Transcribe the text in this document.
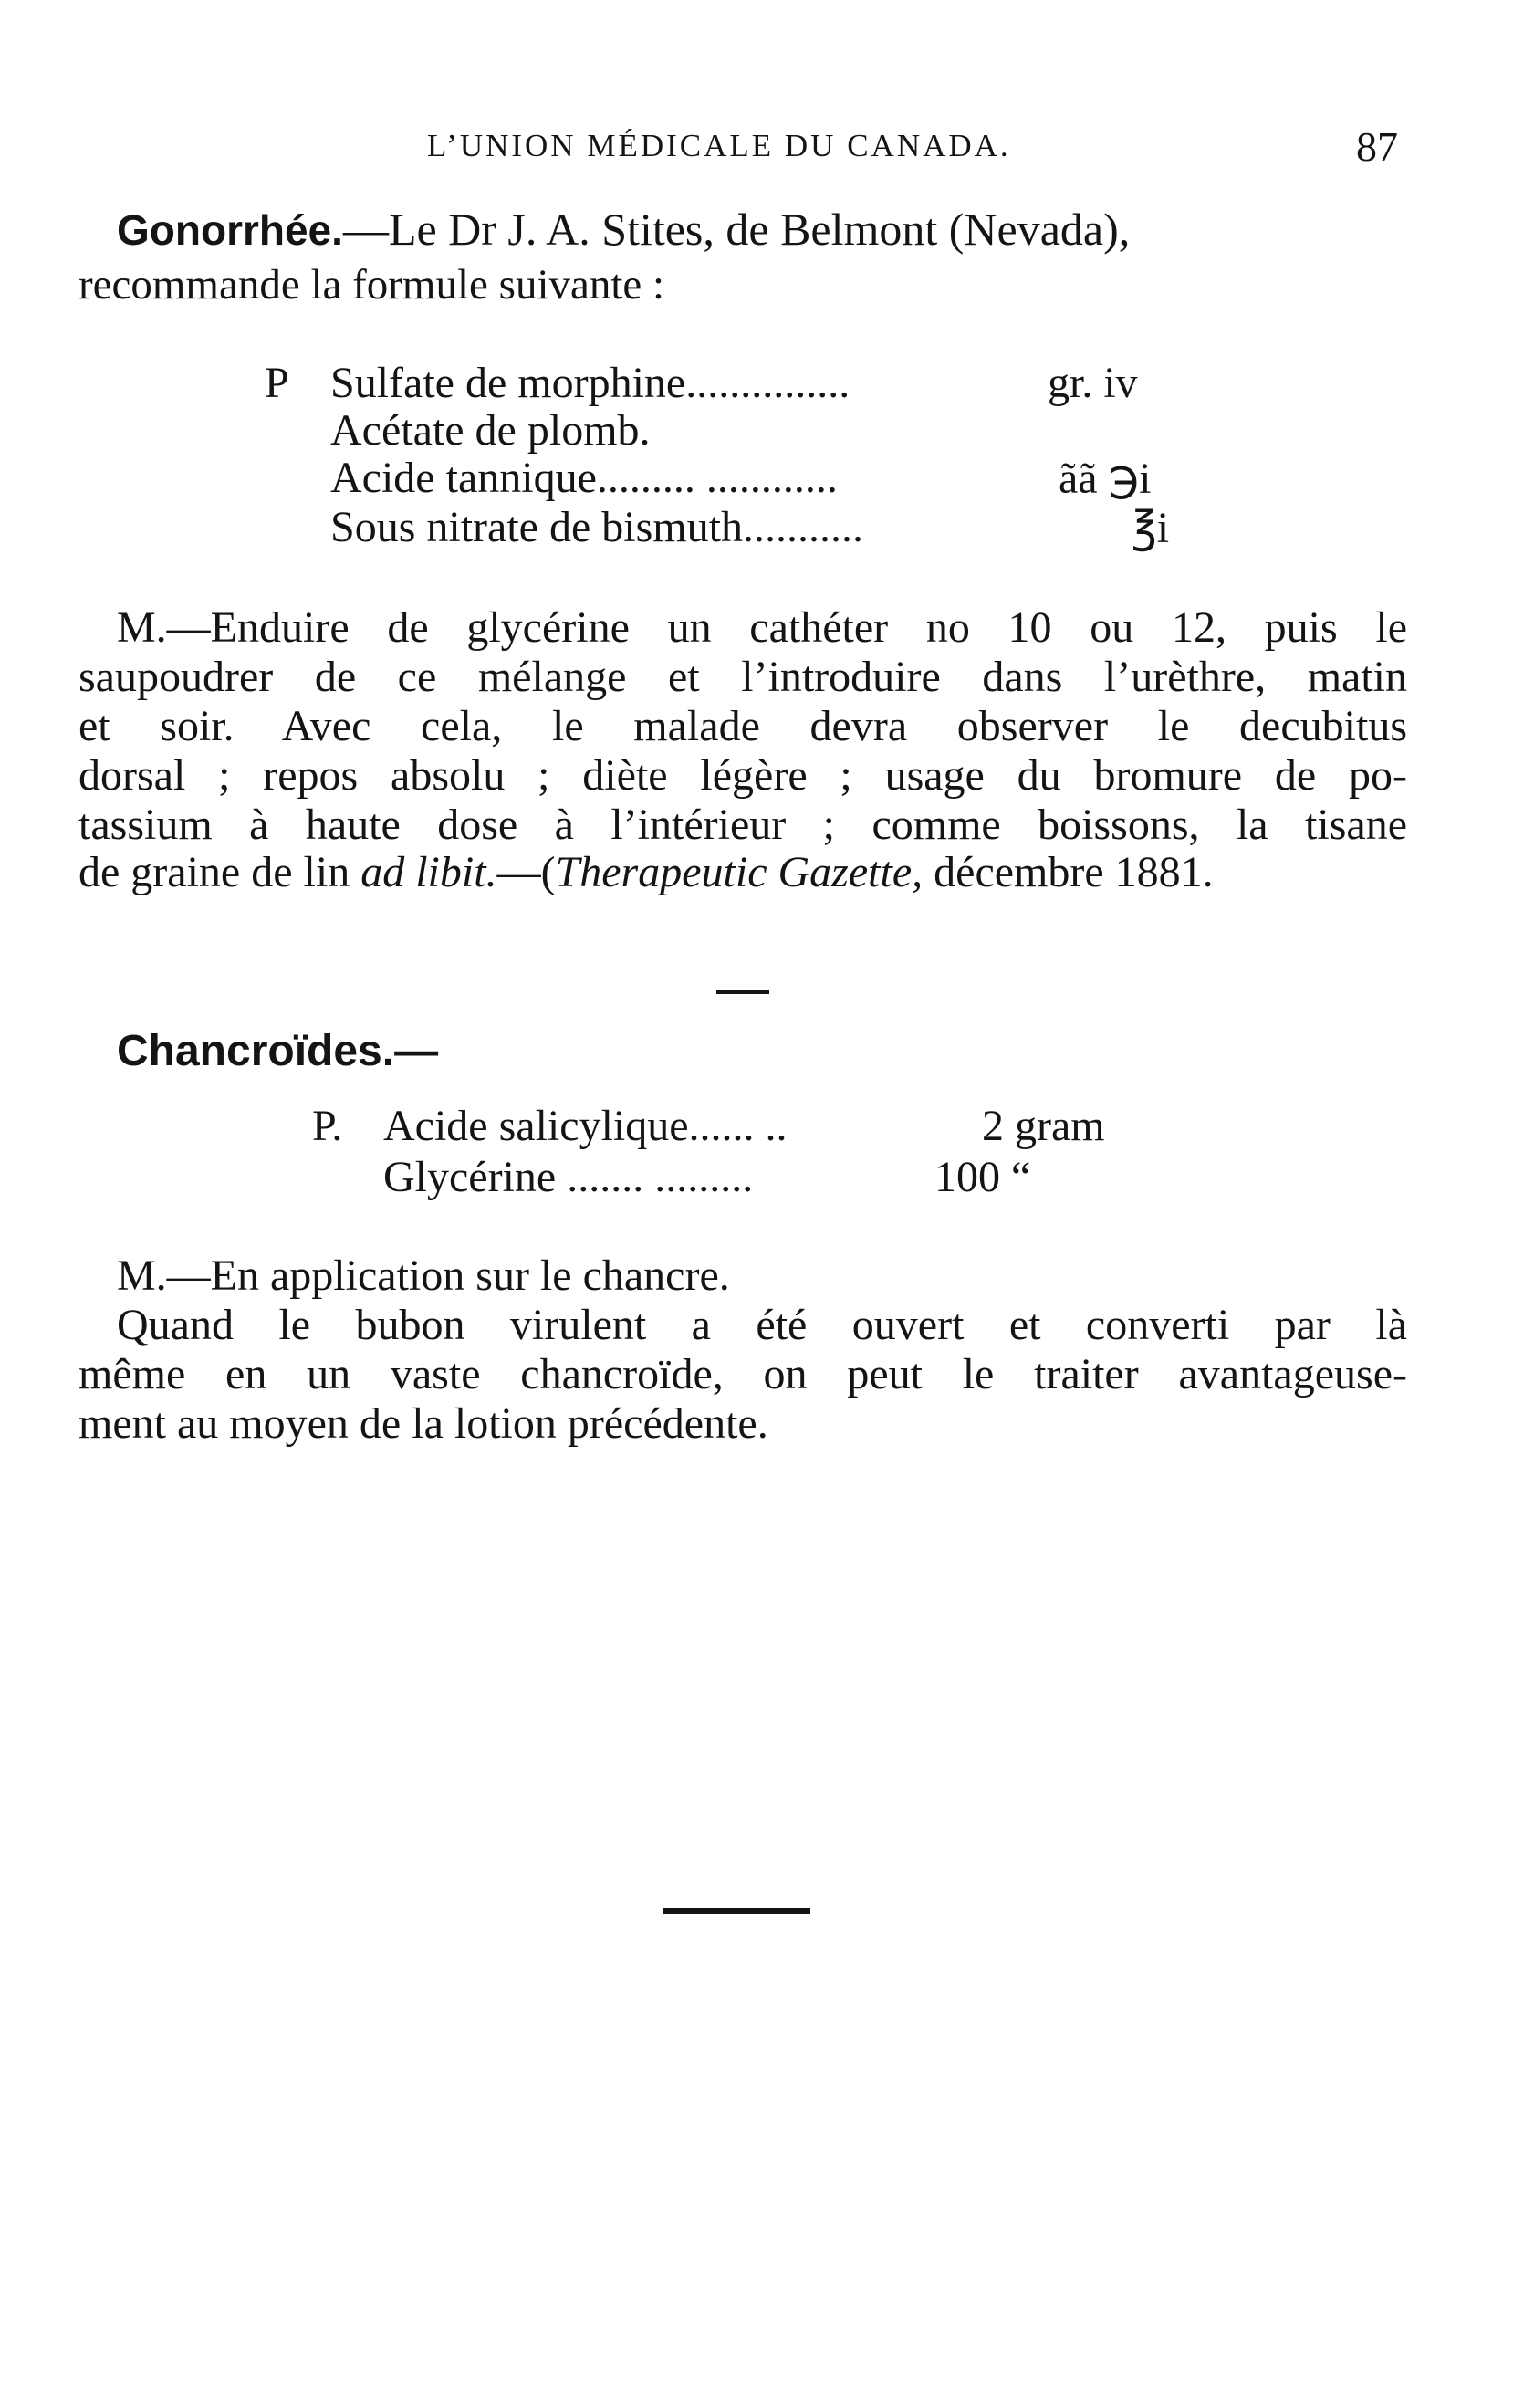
L’UNION MÉDICALE DU CANADA.	87
Gonorrhée.—Le Dr J. A. Stites, de Belmont (Nevada),
recommande la formule suivante :
P Sulfate de morphine...............	gr. iv
Acétate de plomb.
Acide tannique......... ............	ãã ℈i
Sous nitrate de bismuth...........	℥i
M.—Enduire de glycérine un cathéter no 10 ou 12, puis le
saupoudrer de ce mélange et l’introduire dans l’urèthre, matin
et soir. Avec cela, le malade devra observer le decubitus
dorsal ; repos absolu ; diète légère ; usage du bromure de po-
tassium à haute dose à l’intérieur ; comme boissons, la tisane
de graine de lin ad libit.—(Therapeutic Gazette, décembre 1881.
Chancroïdes.—
P. Acide salicylique...... ..	2 gram
Glycérine ....... .........	100 “
M.—En application sur le chancre.
Quand le bubon virulent a été ouvert et converti par là
même en un vaste chancroïde, on peut le traiter avantageuse-
ment au moyen de la lotion précédente.
